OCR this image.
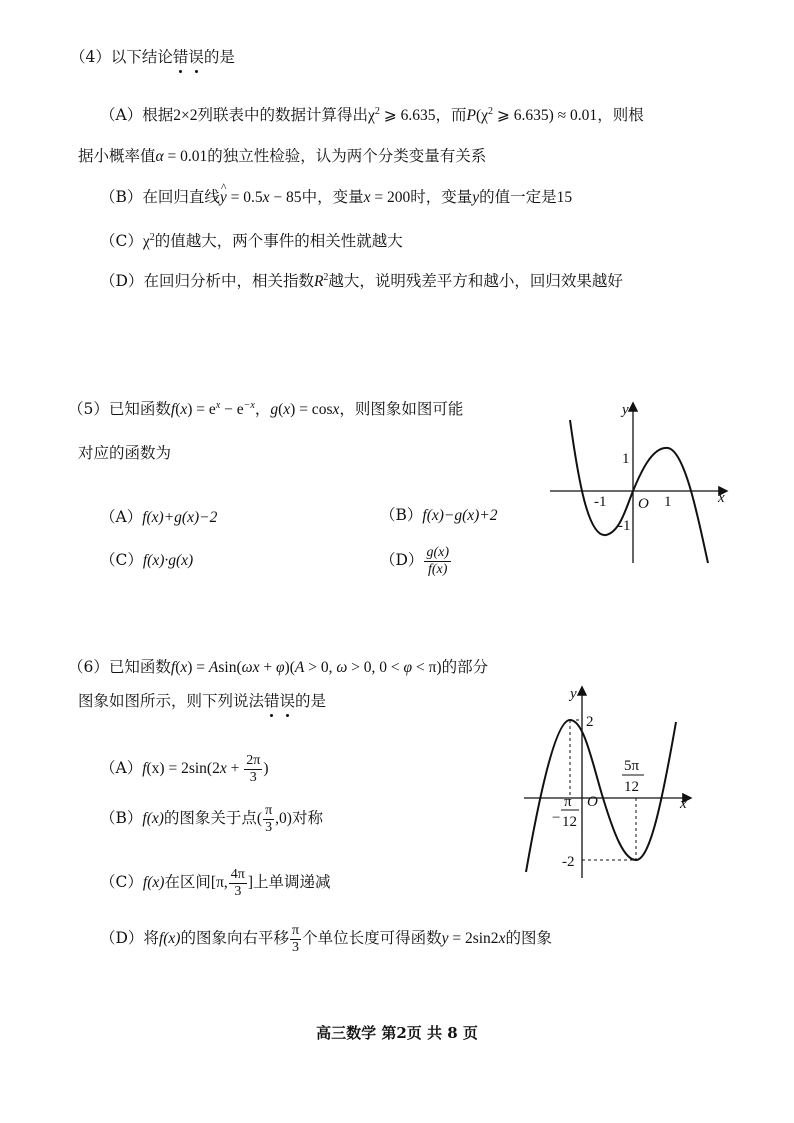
（4）以下结论错误的是
（A）根据2×2列联表中的数据计算得出$\chi^2$ ⩾ 6.635，而$P(\chi^2$ ⩾ 6.635) ≈ 0.01，则根
据小概率值α = 0.01的独立性检验，认为两个分类变量有关系
（B）在回归直线^ y = 0.5x − 85中，变量x = 200时，变量y的值一定是15
$(C)\chi^2$的值越大，两个事件的相关性就越大
（D）在回归分析中，相关指数$R^2$越大，说明残差平方和越小，回归效果越好
（5）已知函数$f(x) = e^x - e^{-x}$，g(x) = cosx，则图象如图可能
对应的函数为
（A）f(x)+g(x)−2	（B）f(x)−g(x)+2
（C）f(x)·g(x)	$(D) \frac{g(x)}{f(x)}$
y
x
O
-1	1
1
-1
（6）已知函数f(x) = Asin(ωx + φ)(A > 0, ω > 0, 0 < φ < π)的部分
图象如图所示，则下列说法错误的是
$(A)f(x) = 2\sin(2x + \frac{2\pi}{3}$ )
（B）f(x)的图象关于点( $\frac{\pi}{3} ,0$)对称
（C）f(x)在区间[π, $\frac{4\pi}{3}$ ]上单调递减
（D）将f(x)的图象向右平移 $\frac{\pi}{3}$ 个单位长度可得函数y = 2sin2x的图象
y
x
O
2
-2
−
π
12
5π
12
高三数学 第2页 共 8 页
